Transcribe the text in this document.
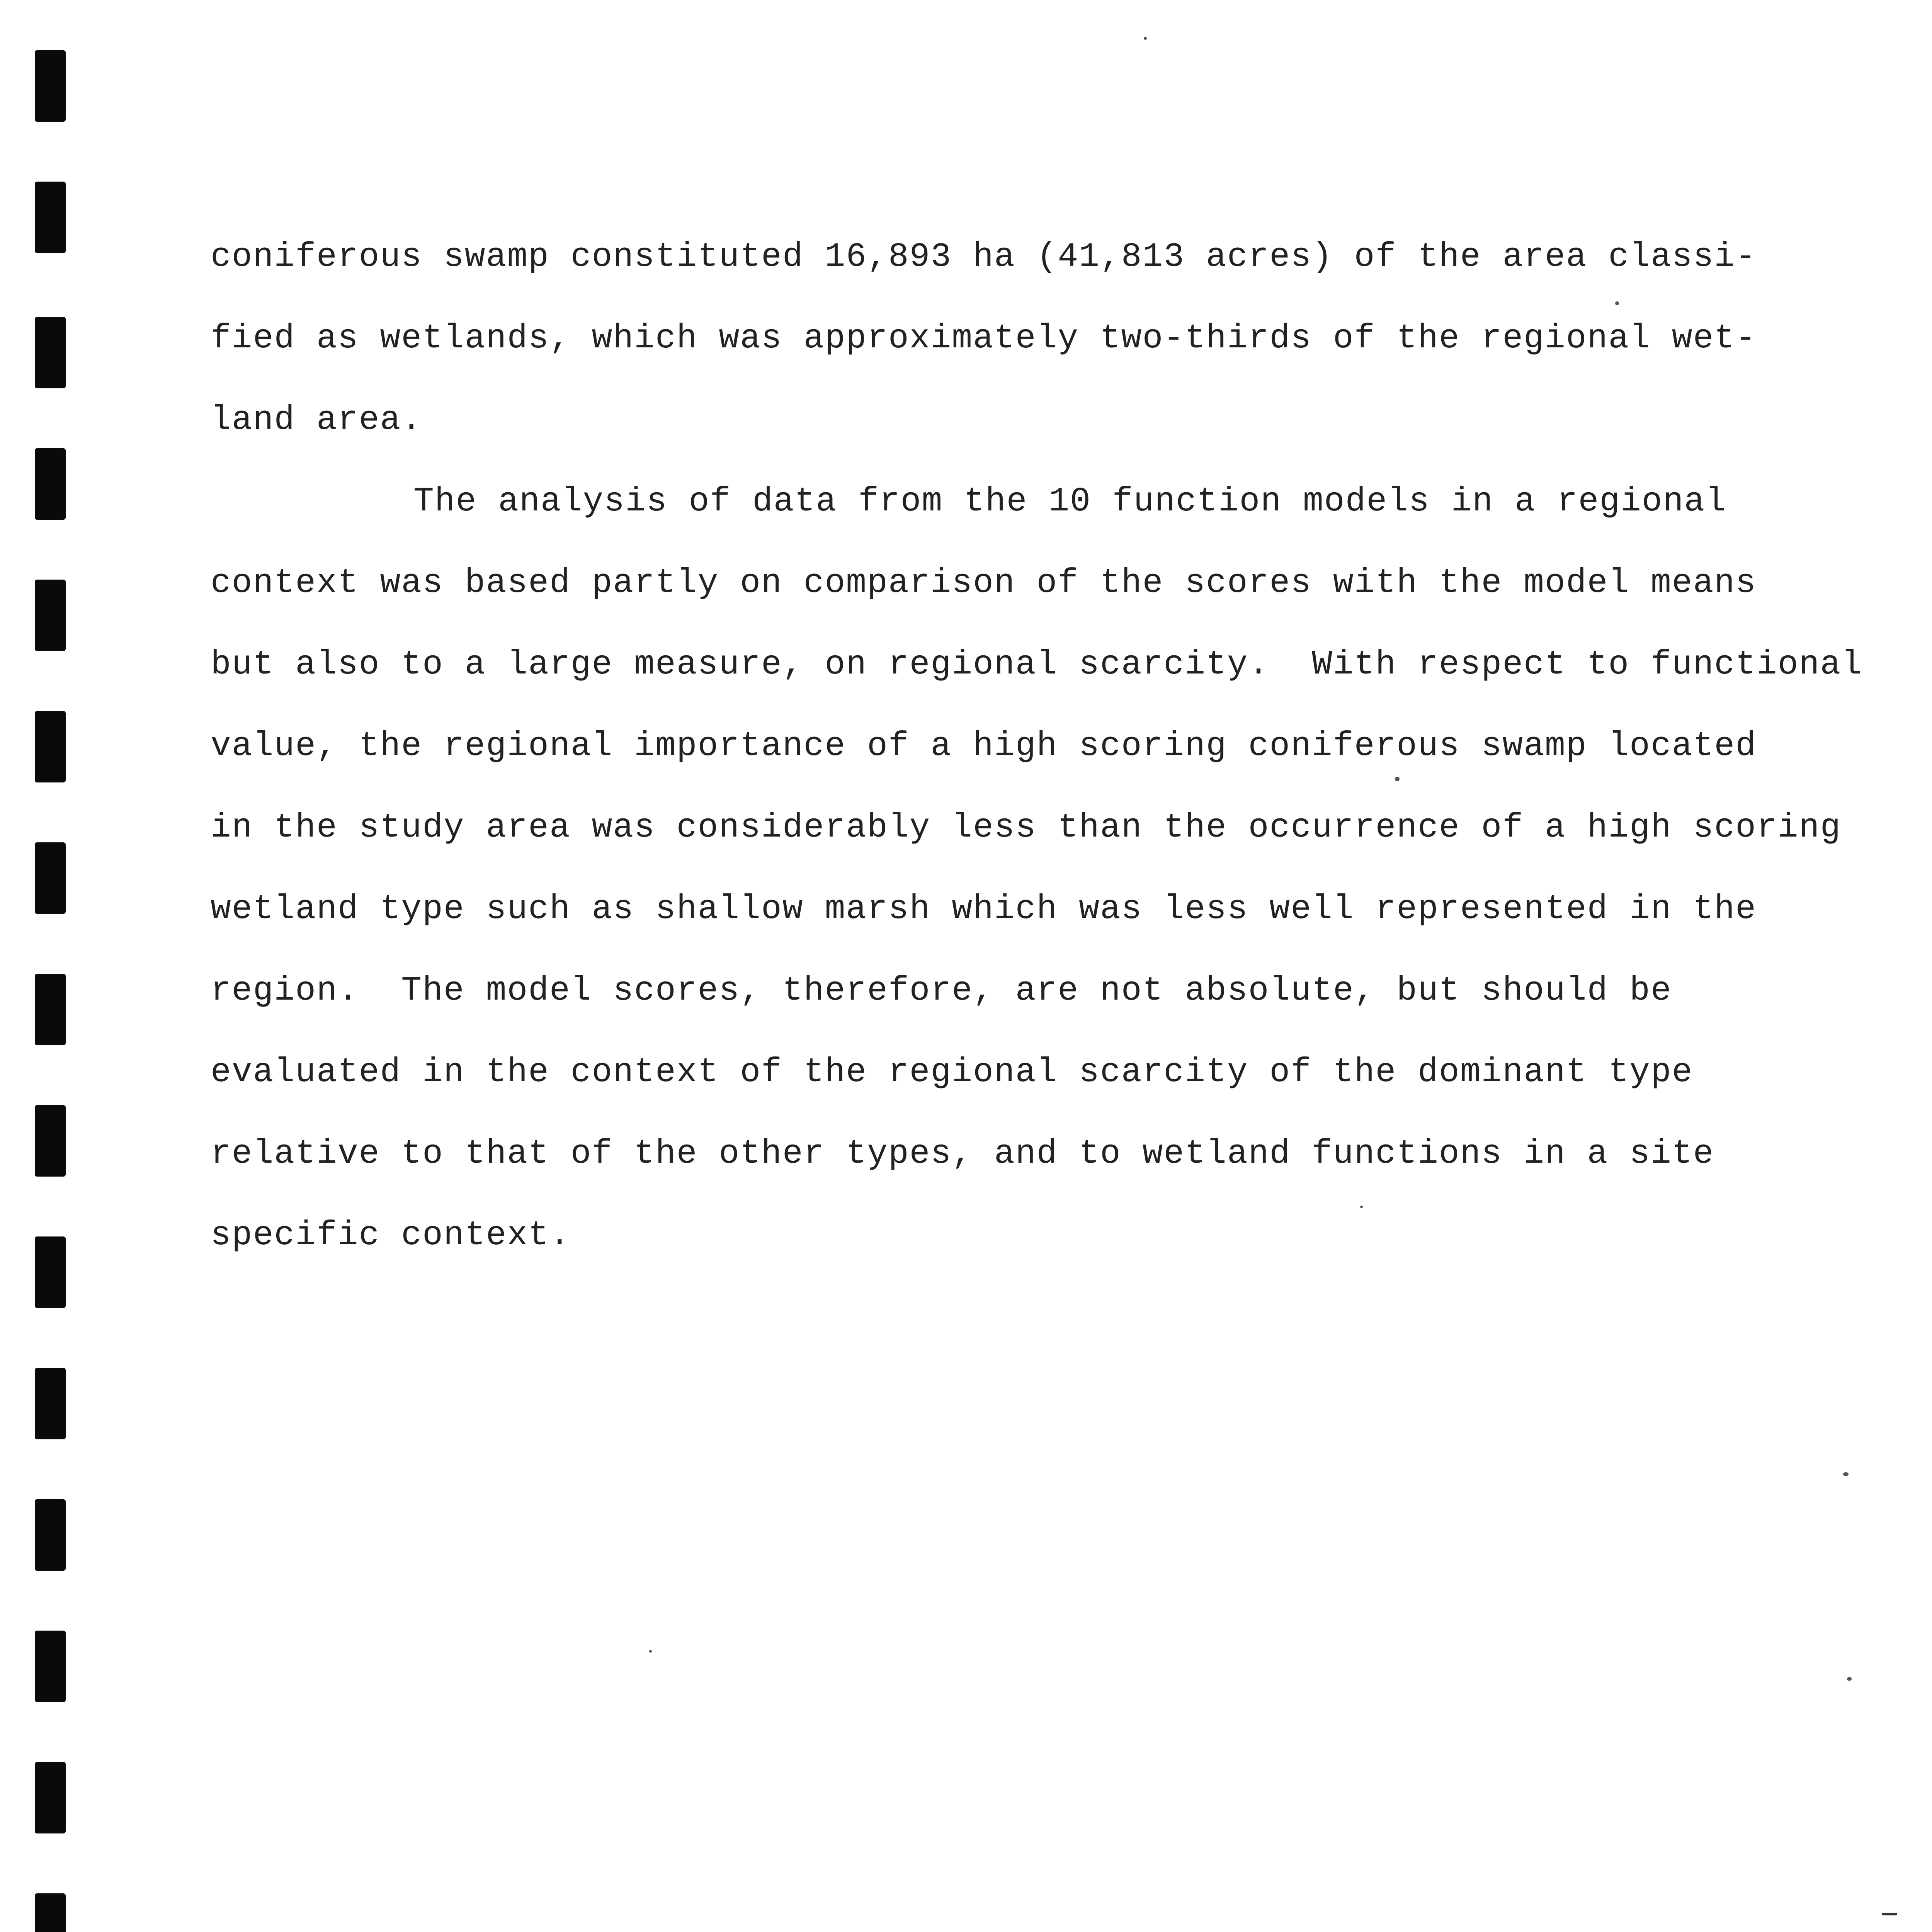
coniferous swamp constituted 16,893 ha (41,813 acres) of the area classi-
fied as wetlands, which was approximately two-thirds of the regional wet-
land area.
The analysis of data from the 10 function models in a regional
context was based partly on comparison of the scores with the model means
but also to a large measure, on regional scarcity.  With respect to functional
value, the regional importance of a high scoring coniferous swamp located
in the study area was considerably less than the occurrence of a high scoring
wetland type such as shallow marsh which was less well represented in the
region.  The model scores, therefore, are not absolute, but should be
evaluated in the context of the regional scarcity of the dominant type
relative to that of the other types, and to wetland functions in a site
specific context.
